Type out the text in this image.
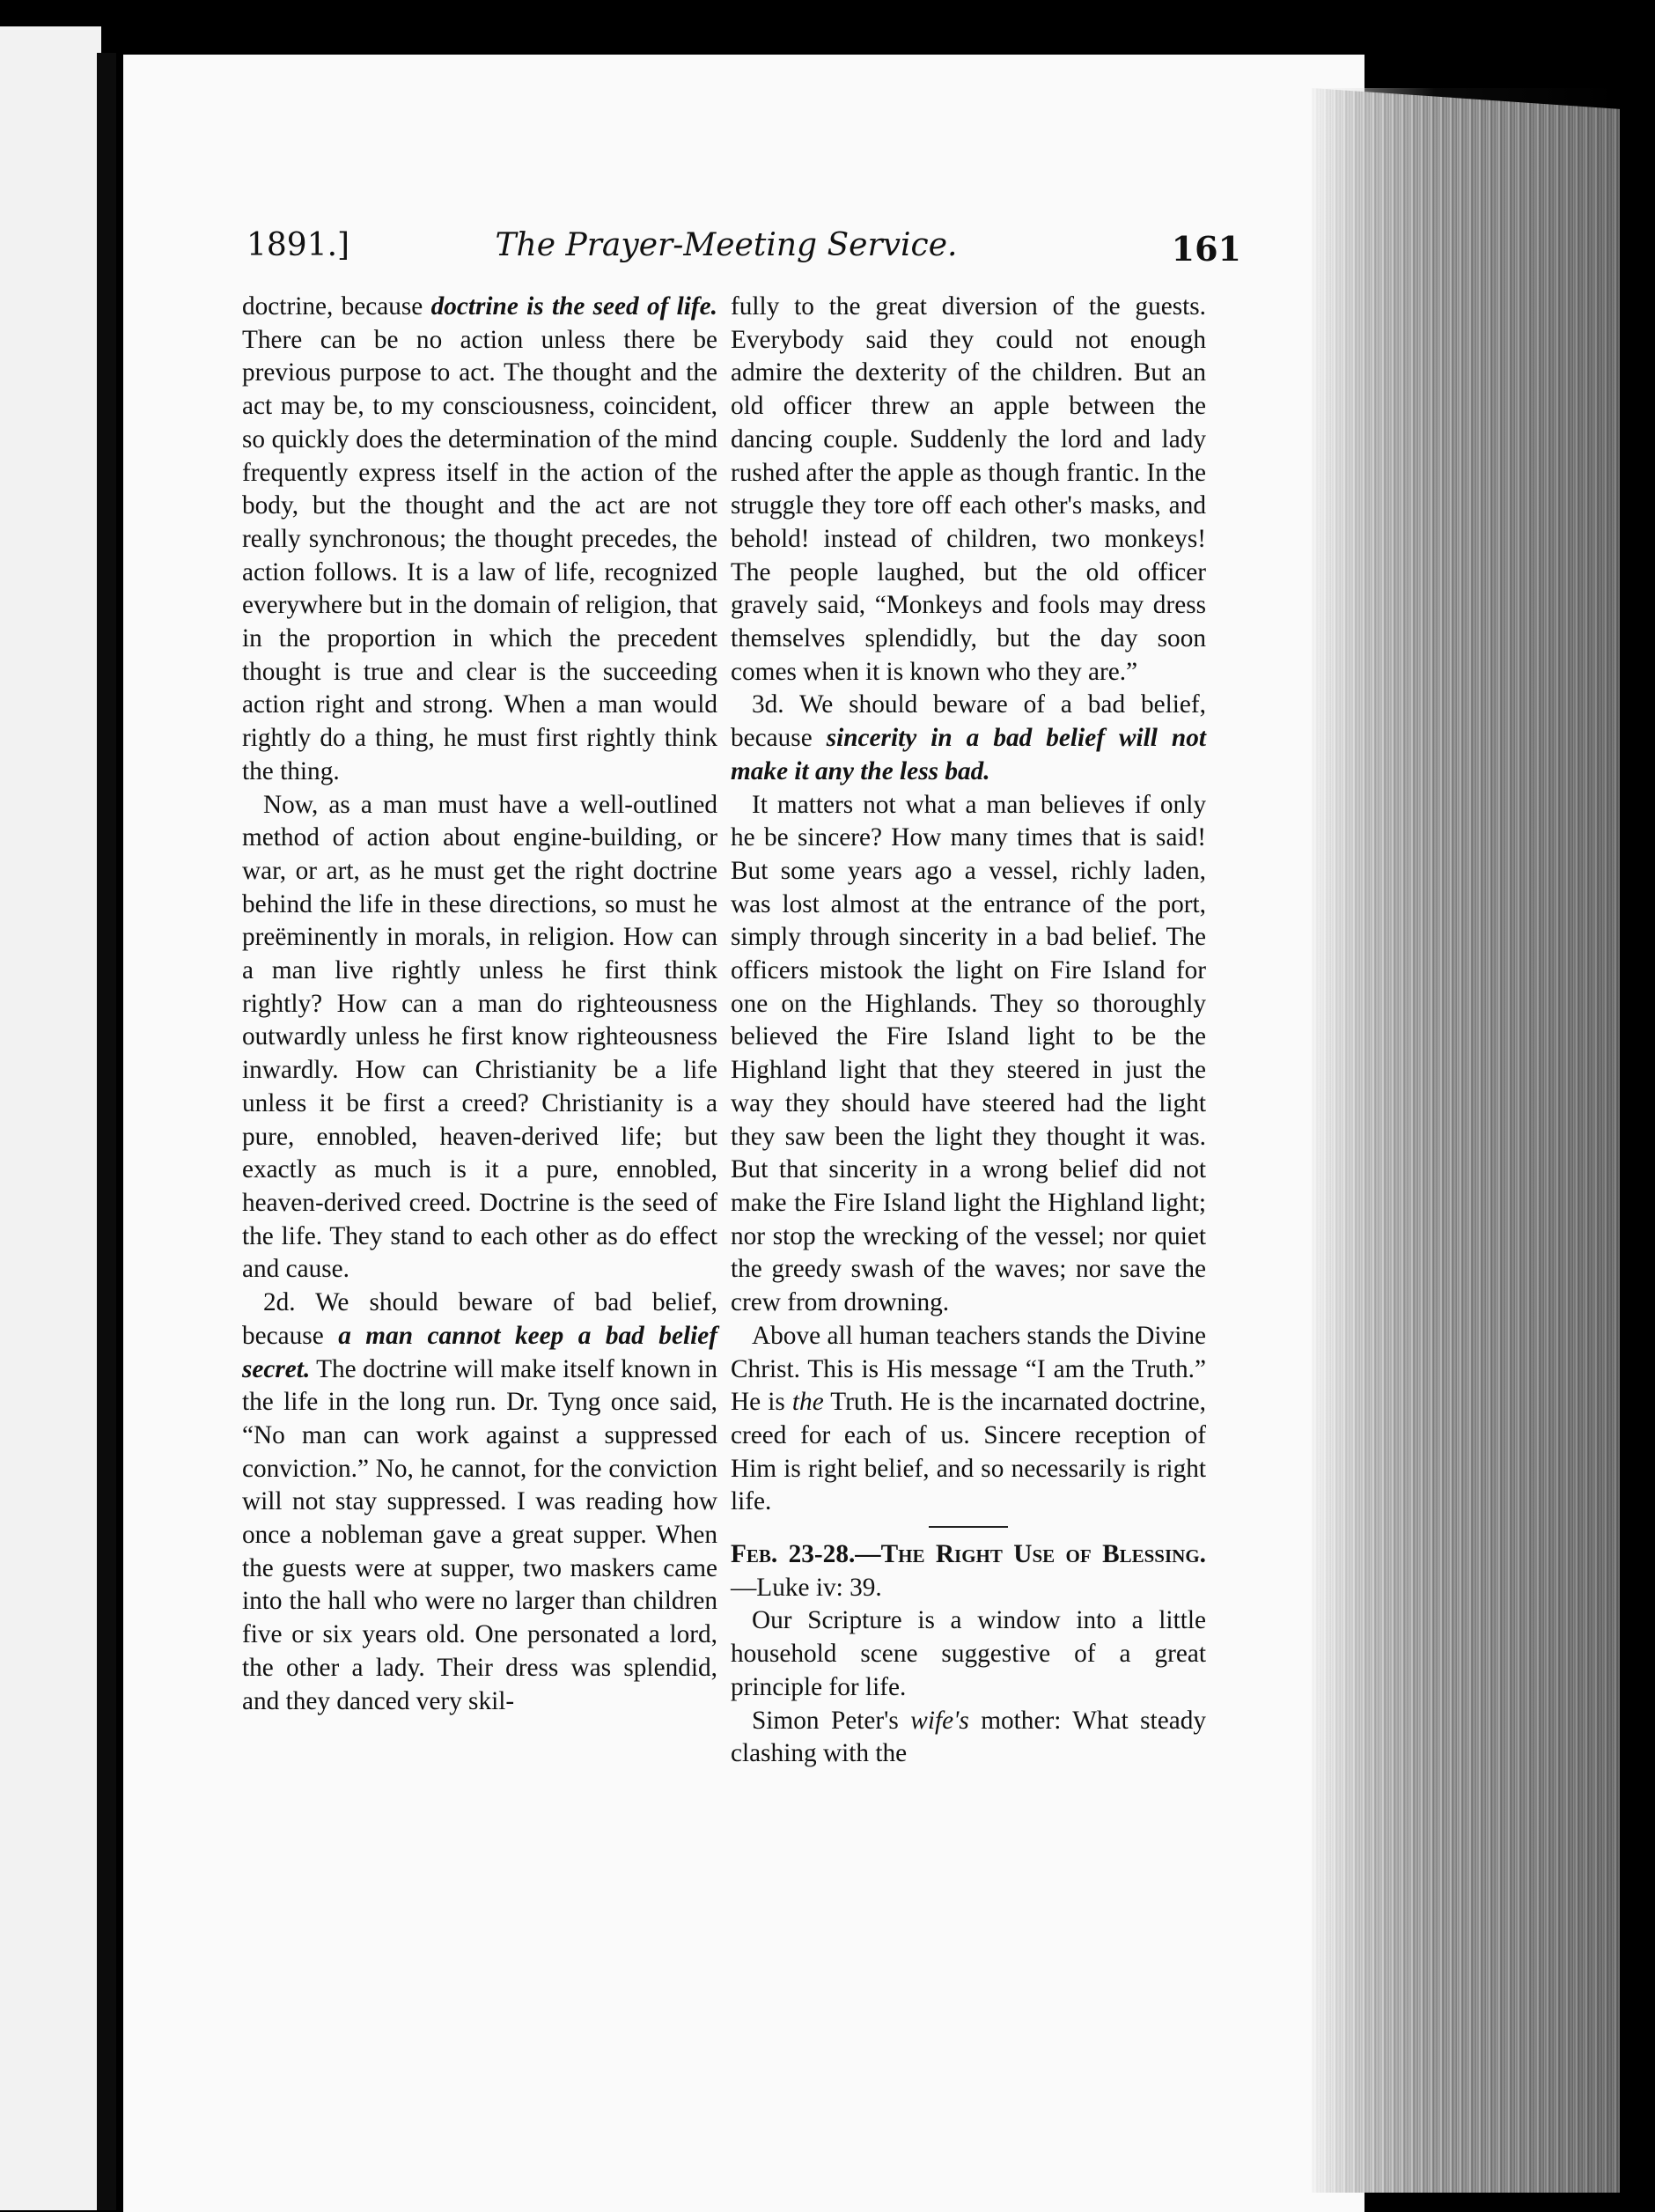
1891.]	The Prayer-Meeting Service.	161

doctrine, because doctrine is the seed of life. There can be no action unless there be previous purpose to act. The thought and the act may be, to my consciousness, coincident, so quickly does the determination of the mind frequently express itself in the action of the body, but the thought and the act are not really synchronous; the thought precedes, the action follows. It is a law of life, recognized everywhere but in the domain of religion, that in the proportion in which the precedent thought is true and clear is the succeeding action right and strong. When a man would rightly do a thing, he must first rightly think the thing.

Now, as a man must have a well-outlined method of action about engine-building, or war, or art, as he must get the right doctrine behind the life in these directions, so must he preëminently in morals, in religion. How can a man live rightly unless he first think rightly? How can a man do righteousness outwardly unless he first know righteousness inwardly. How can Christianity be a life unless it be first a creed? Christianity is a pure, ennobled, heaven-derived life; but exactly as much is it a pure, ennobled, heaven-derived creed. Doctrine is the seed of the life. They stand to each other as do effect and cause.

2d. We should beware of bad belief, because a man cannot keep a bad belief secret. The doctrine will make itself known in the life in the long run. Dr. Tyng once said, “No man can work against a suppressed conviction.” No, he cannot, for the conviction will not stay suppressed. I was reading how once a nobleman gave a great supper. When the guests were at supper, two maskers came into the hall who were no larger than children five or six years old. One personated a lord, the other a lady. Their dress was splendid, and they danced very skil-

fully to the great diversion of the guests. Everybody said they could not enough admire the dexterity of the children. But an old officer threw an apple between the dancing couple. Suddenly the lord and lady rushed after the apple as though frantic. In the struggle they tore off each other's masks, and behold! instead of children, two monkeys! The people laughed, but the old officer gravely said, “Monkeys and fools may dress themselves splendidly, but the day soon comes when it is known who they are.”

3d. We should beware of a bad belief, because sincerity in a bad belief will not make it any the less bad.

It matters not what a man believes if only he be sincere? How many times that is said! But some years ago a vessel, richly laden, was lost almost at the entrance of the port, simply through sincerity in a bad belief. The officers mistook the light on Fire Island for one on the Highlands. They so thoroughly believed the Fire Island light to be the Highland light that they steered in just the way they should have steered had the light they saw been the light they thought it was. But that sincerity in a wrong belief did not make the Fire Island light the Highland light; nor stop the wrecking of the vessel; nor quiet the greedy swash of the waves; nor save the crew from drowning.

Above all human teachers stands the Divine Christ. This is His message “I am the Truth.” He is the Truth. He is the incarnated doctrine, creed for each of us. Sincere reception of Him is right belief, and so necessarily is right life.

Feb. 23-28.—The Right Use of Blessing.—Luke iv: 39.

Our Scripture is a window into a little household scene suggestive of a great principle for life.

Simon Peter's wife's mother: What steady clashing with the
